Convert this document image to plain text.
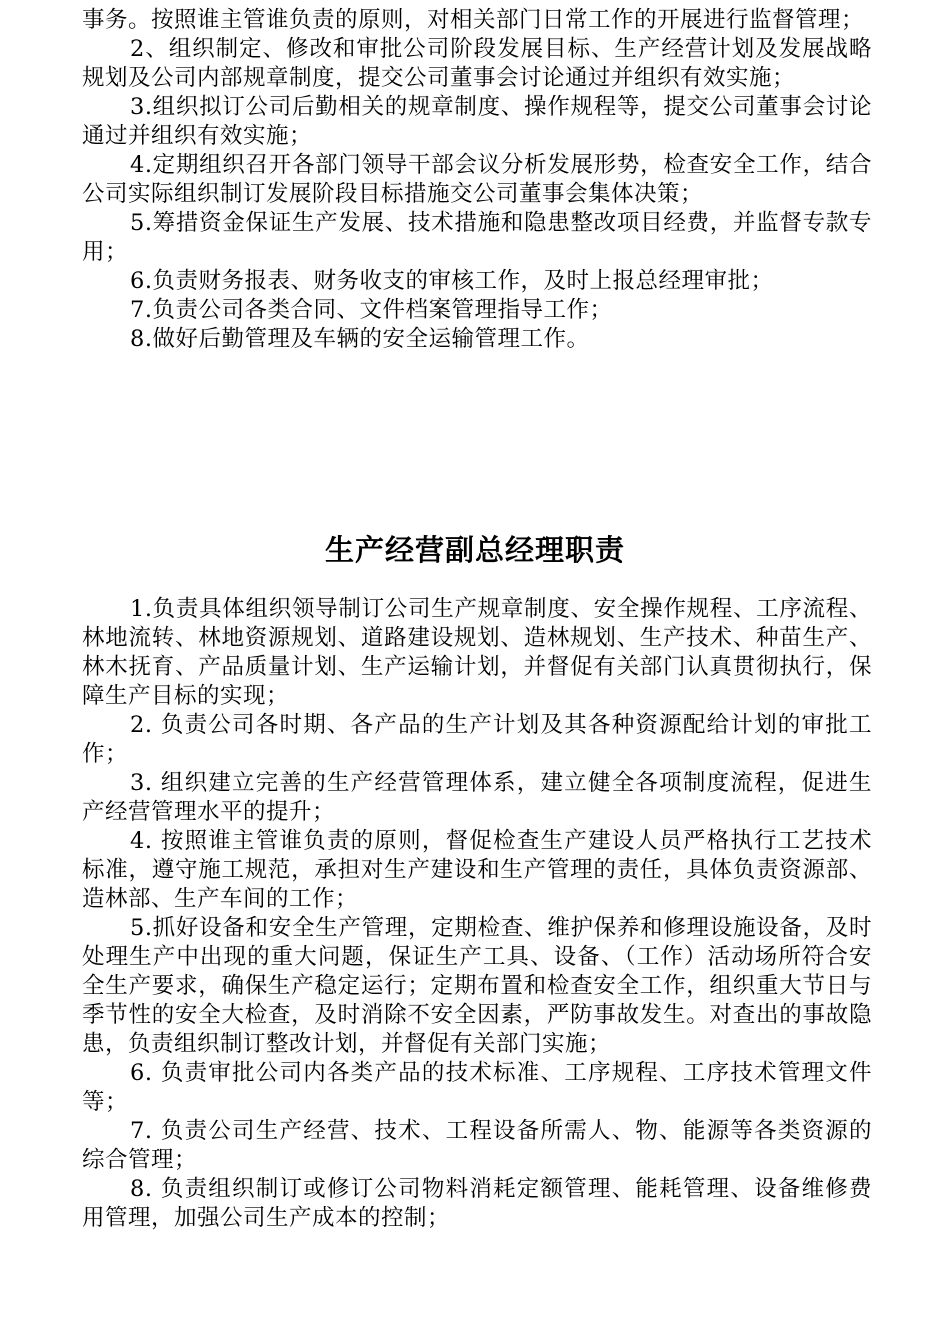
事务。按照谁主管谁负责的原则，对相关部门日常工作的开展进行监督管理；

2、组织制定、修改和审批公司阶段发展目标、生产经营计划及发展战略规划及公司内部规章制度，提交公司董事会讨论通过并组织有效实施；

3.组织拟订公司后勤相关的规章制度、操作规程等，提交公司董事会讨论通过并组织有效实施；

4.定期组织召开各部门领导干部会议分析发展形势，检查安全工作，结合公司实际组织制订发展阶段目标措施交公司董事会集体决策；

5.筹措资金保证生产发展、技术措施和隐患整改项目经费，并监督专款专用；

6.负责财务报表、财务收支的审核工作，及时上报总经理审批；

7.负责公司各类合同、文件档案管理指导工作；

8.做好后勤管理及车辆的安全运输管理工作。

生产经营副总经理职责

1.负责具体组织领导制订公司生产规章制度、安全操作规程、工序流程、林地流转、林地资源规划、道路建设规划、造林规划、生产技术、种苗生产、林木抚育、产品质量计划、生产运输计划，并督促有关部门认真贯彻执行，保障生产目标的实现；

2. 负责公司各时期、各产品的生产计划及其各种资源配给计划的审批工作；

3. 组织建立完善的生产经营管理体系，建立健全各项制度流程，促进生产经营管理水平的提升；

4. 按照谁主管谁负责的原则，督促检查生产建设人员严格执行工艺技术标准，遵守施工规范，承担对生产建设和生产管理的责任，具体负责资源部、造林部、生产车间的工作；

5.抓好设备和安全生产管理，定期检查、维护保养和修理设施设备，及时处理生产中出现的重大问题，保证生产工具、设备、（工作）活动场所符合安全生产要求，确保生产稳定运行；定期布置和检查安全工作，组织重大节日与季节性的安全大检查，及时消除不安全因素，严防事故发生。对查出的事故隐患，负责组织制订整改计划，并督促有关部门实施；

6. 负责审批公司内各类产品的技术标准、工序规程、工序技术管理文件等；

7. 负责公司生产经营、技术、工程设备所需人、物、能源等各类资源的综合管理；

8. 负责组织制订或修订公司物料消耗定额管理、能耗管理、设备维修费用管理，加强公司生产成本的控制；
